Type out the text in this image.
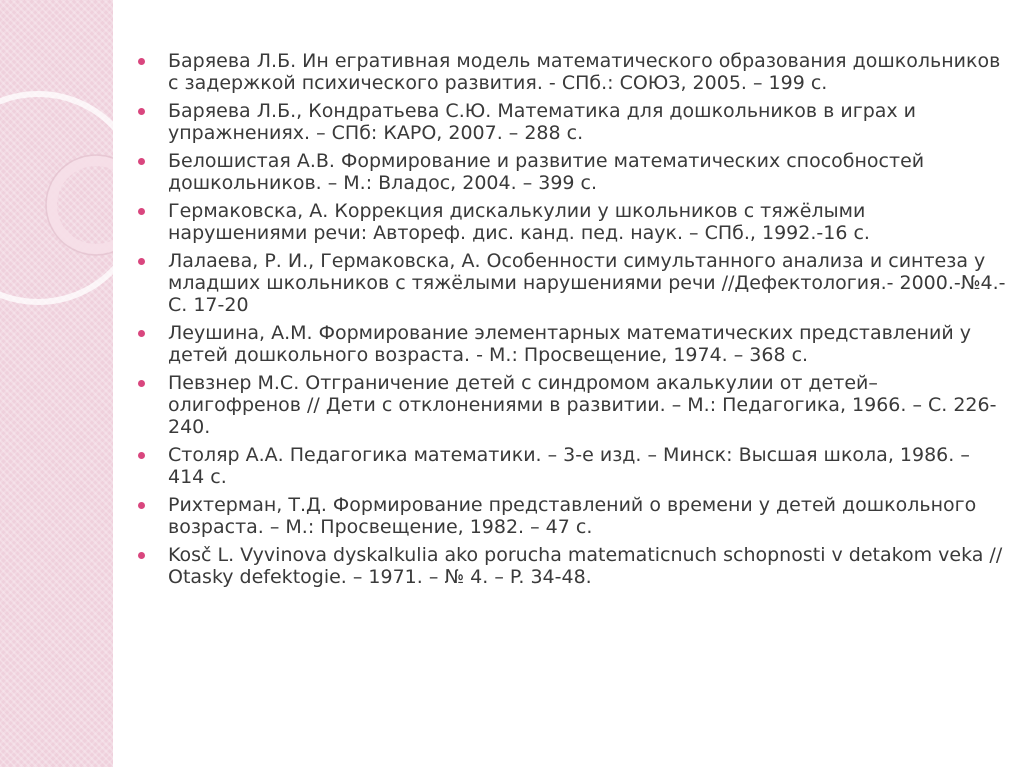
Баряева Л.Б. Ин егративная модель математического образования дошкольников с задержкой психического развития. - СПб.: СОЮЗ, 2005. – 199 с.
Баряева Л.Б., Кондратьева С.Ю. Математика для дошкольников в играх и упражнениях. – СПб: КАРО, 2007. – 288 с.
Белошистая А.В. Формирование и развитие математических способностей дошкольников. – М.: Владос, 2004. – 399 с.
Гермаковска, А. Коррекция дискалькулии у школьников с тяжёлыми нарушениями речи: Автореф. дис. канд. пед. наук. – СПб., 1992.-16 с.
Лалаева, Р. И., Гермаковска, А. Особенности симультанного анализа и синтеза у младших школьников с тяжёлыми нарушениями речи //Дефектология.- 2000.-№4.-С. 17-20
Леушина, А.М. Формирование элементарных математических представлений у детей дошкольного возраста. - М.: Просвещение, 1974. – 368 с.
Певзнер М.С. Отграничение детей с синдромом акалькулии от детей–олигофренов // Дети с отклонениями в развитии. – М.: Педагогика, 1966. – С. 226-240.
Столяр А.А. Педагогика математики. – 3-е изд. – Минск: Высшая школа, 1986. – 414 с.
Рихтерман, Т.Д. Формирование представлений о времени у детей дошкольного возраста. – М.: Просвещение, 1982. – 47 с.
Kosč L. Vyvinova dyskalkulia ako porucha matematicnuch schopnosti v detakom veka // Otasky defektogie. – 1971. – № 4. – P. 34-48.
